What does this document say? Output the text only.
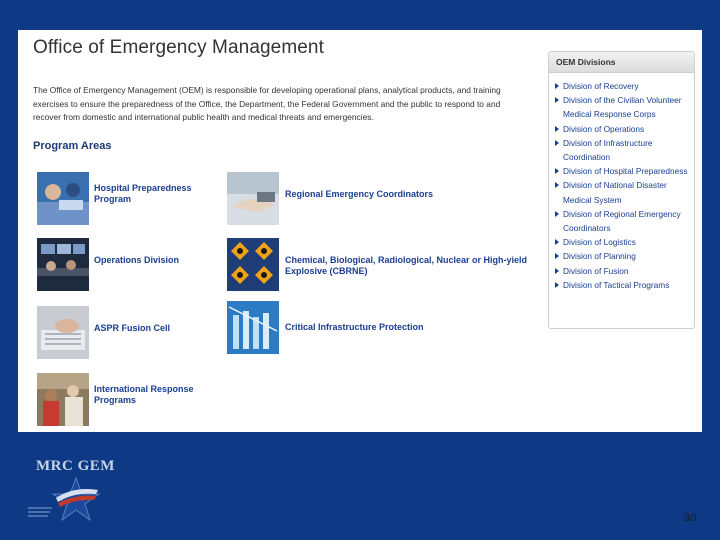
Office of Emergency Management
The Office of Emergency Management (OEM) is responsible for developing operational plans, analytical products, and training exercises to ensure the preparedness of the Office, the Department, the Federal Government and the public to respond to and recover from domestic and international public health and medical threats and emergencies.
Program Areas
Hospital Preparedness Program	Regional Emergency Coordinators
Operations Division	Chemical, Biological, Radiological, Nuclear or High-yield Explosive (CBRNE)
ASPR Fusion Cell	Critical Infrastructure Protection
International Response Programs
OEM Divisions
Division of Recovery
Division of the Civilian Volunteer Medical Response Corps
Division of Operations
Division of Infrastructure Coordination
Division of Hospital Preparedness
Division of National Disaster Medical System
Division of Regional Emergency Coordinators
Division of Logistics
Division of Planning
Division of Fusion
Division of Tactical Programs
MRC GEM
30
